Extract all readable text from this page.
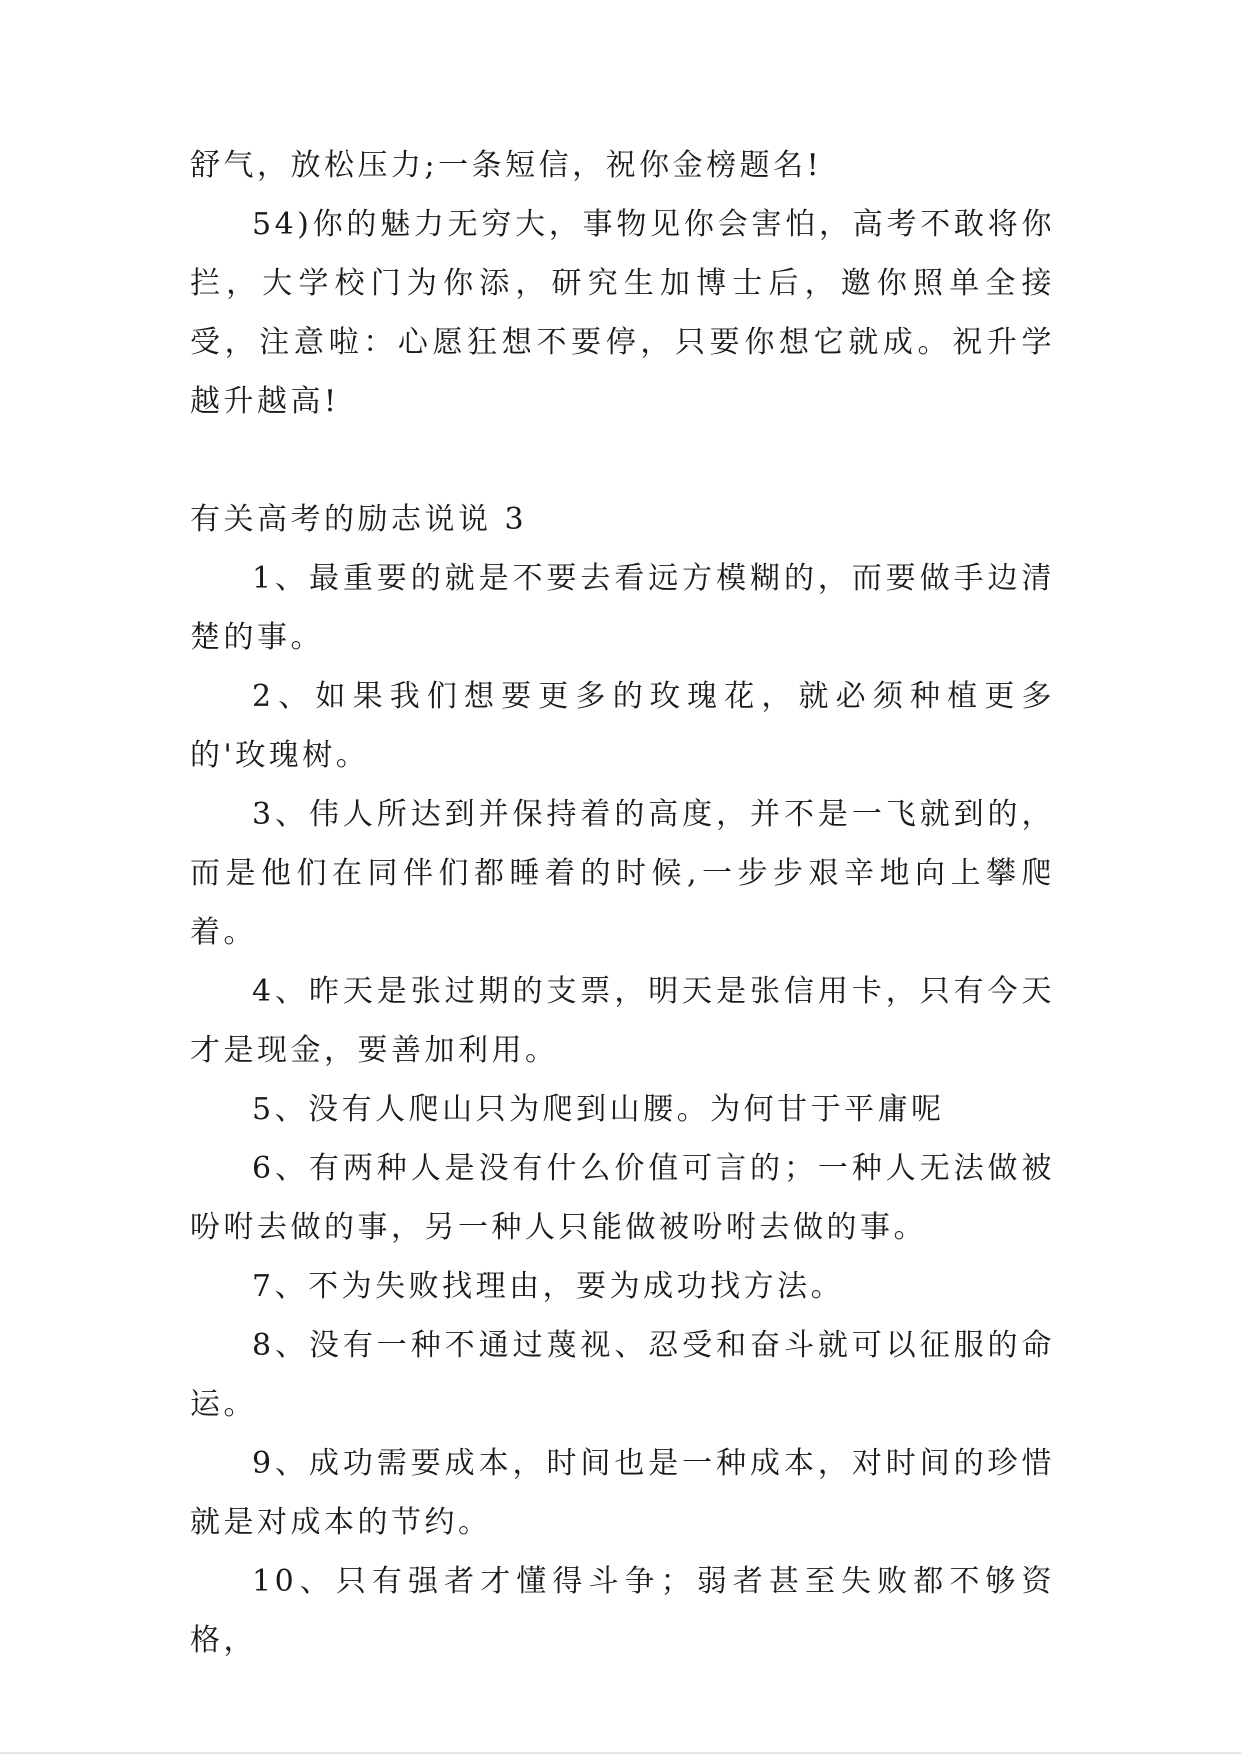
舒气，放松压力;一条短信，祝你金榜题名!

54)你的魅力无穷大，事物见你会害怕，高考不敢将你拦，大学校门为你添，研究生加博士后，邀你照单全接受，注意啦：心愿狂想不要停，只要你想它就成。祝升学越升越高!

有关高考的励志说说 3

1、最重要的就是不要去看远方模糊的，而要做手边清楚的事。

2、如果我们想要更多的玫瑰花，就必须种植更多的'玫瑰树。

3、伟人所达到并保持着的高度，并不是一飞就到的，而是他们在同伴们都睡着的时候,一步步艰辛地向上攀爬着。

4、昨天是张过期的支票，明天是张信用卡，只有今天才是现金，要善加利用。

5、没有人爬山只为爬到山腰。为何甘于平庸呢

6、有两种人是没有什么价值可言的；一种人无法做被吩咐去做的事，另一种人只能做被吩咐去做的事。

7、不为失败找理由，要为成功找方法。

8、没有一种不通过蔑视、忍受和奋斗就可以征服的命运。

9、成功需要成本，时间也是一种成本，对时间的珍惜就是对成本的节约。

10、只有强者才懂得斗争；弱者甚至失败都不够资格，
